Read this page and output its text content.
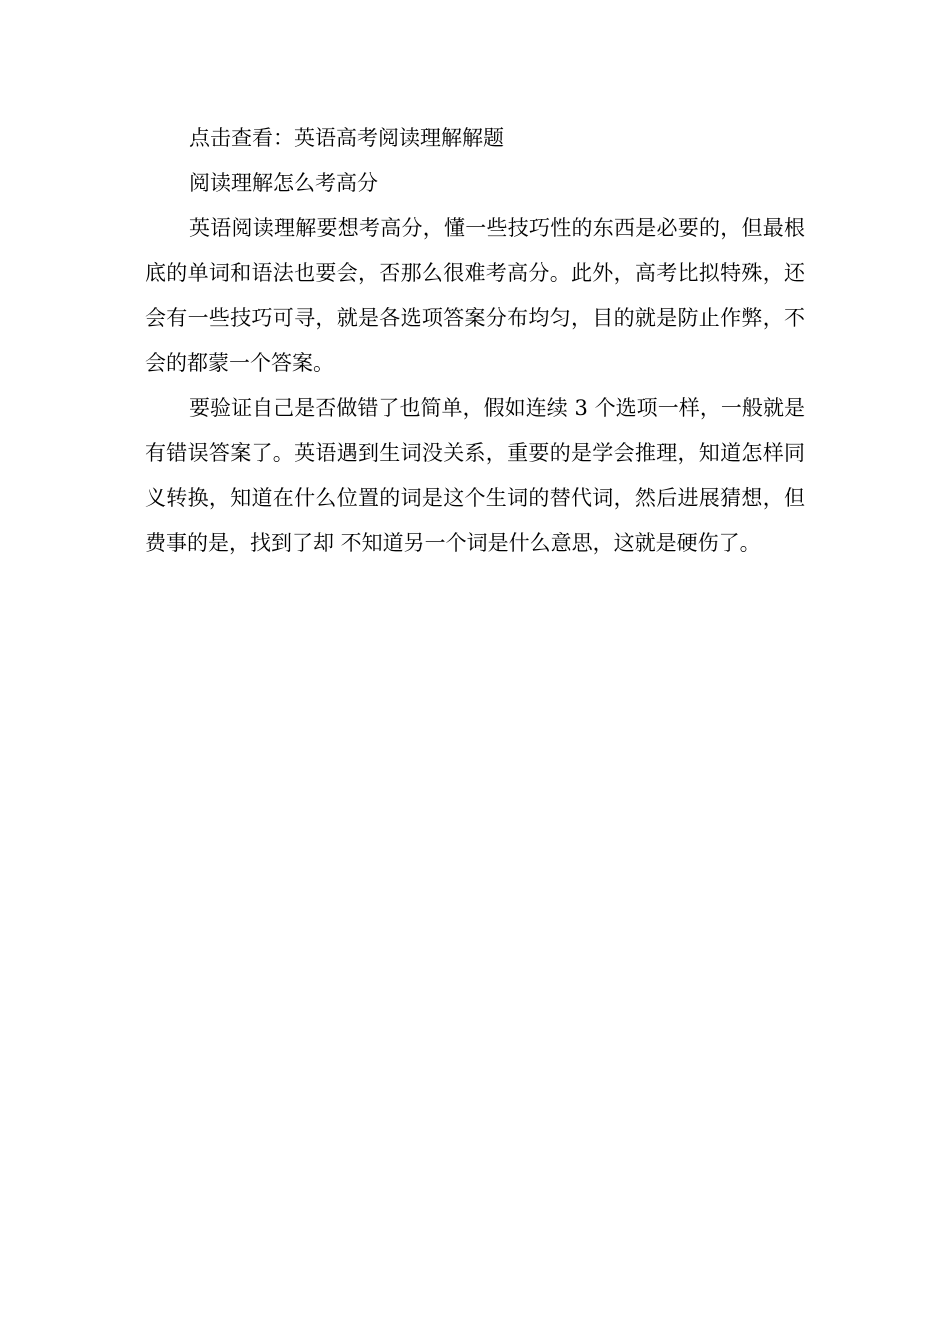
点击查看：英语高考阅读理解解题

阅读理解怎么考高分

英语阅读理解要想考高分，懂一些技巧性的东西是必要的，但最根底的单词和语法也要会，否那么很难考高分。此外，高考比拟特殊，还会有一些技巧可寻，就是各选项答案分布均匀，目的就是防止作弊，不会的都蒙一个答案。

要验证自己是否做错了也简单，假如连续 3 个选项一样，一般就是有错误答案了。英语遇到生词没关系，重要的是学会推理，知道怎样同义转换，知道在什么位置的词是这个生词的替代词，然后进展猜想，但费事的是，找到了却 不知道另一个词是什么意思，这就是硬伤了。
